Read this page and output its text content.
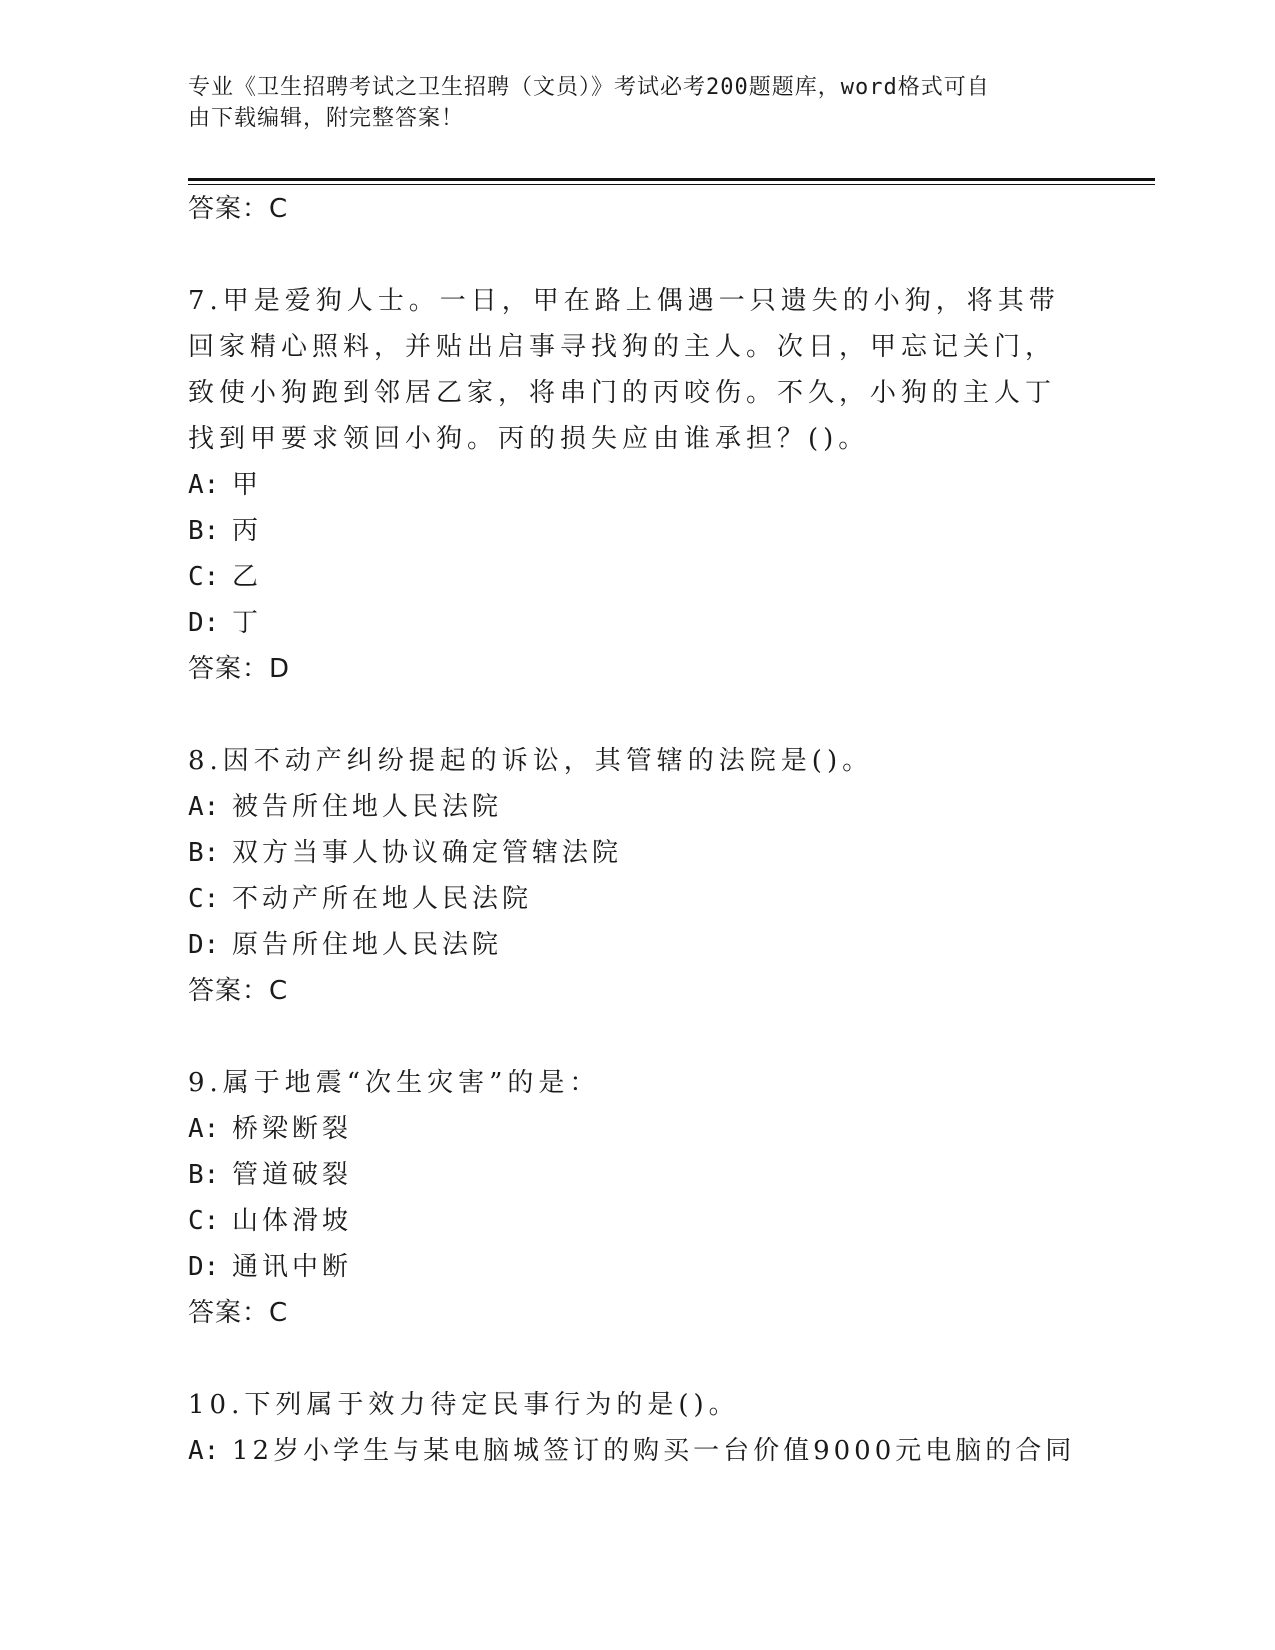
专业《卫生招聘考试之卫生招聘（文员）》考试必考200题题库，word格式可自
由下载编辑，附完整答案！
答案：C
7.甲是爱狗人士。一日，甲在路上偶遇一只遗失的小狗，将其带回家精心照料，并贴出启事寻找狗的主人。次日，甲忘记关门，致使小狗跑到邻居乙家，将串门的丙咬伤。不久，小狗的主人丁找到甲要求领回小狗。丙的损失应由谁承担？()。
A: 甲
B: 丙
C: 乙
D: 丁
答案：D
8.因不动产纠纷提起的诉讼，其管辖的法院是()。
A: 被告所住地人民法院
B: 双方当事人协议确定管辖法院
C: 不动产所在地人民法院
D: 原告所住地人民法院
答案：C
9.属于地震“次生灾害”的是：
A: 桥梁断裂
B: 管道破裂
C: 山体滑坡
D: 通讯中断
答案：C
10.下列属于效力待定民事行为的是()。
A: 12岁小学生与某电脑城签订的购买一台价值9000元电脑的合同
